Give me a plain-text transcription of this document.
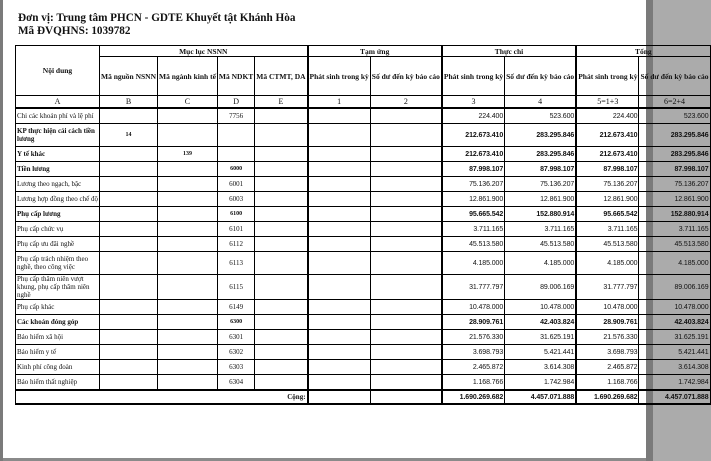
Đơn vị: Trung tâm PHCN - GDTE Khuyết tật Khánh Hòa
Mã ĐVQHNS: 1039782
Nội dung	Mục lục NSNN				Tạm ứng		Thực chi		Tổng	
	Mã nguồn NSNN	Mã ngành kinh tế	Mã NDKT	Mã CTMT, DA	Phát sinh trong kỳ	Số dư đến kỳ báo cáo	Phát sinh trong kỳ	Số dư đến kỳ báo cáo	Phát sinh trong kỳ	Số dư đến kỳ báo cáo
A	B	C	D	E	1	2	3	4	5=1+3	6=2+4
Chi các khoản phí và lệ phí			7756				224.400	523.600	224.400	523.600
KP thực hiện cải cách tiền lương	14						212.673.410	283.295.846	212.673.410	283.295.846
Y tế khác		139					212.673.410	283.295.846	212.673.410	283.295.846
Tiền lương			6000				87.998.107	87.998.107	87.998.107	87.998.107
Lương theo ngạch, bậc			6001				75.136.207	75.136.207	75.136.207	75.136.207
Lương hợp đồng theo chế độ			6003				12.861.900	12.861.900	12.861.900	12.861.900
Phụ cấp lương			6100				95.665.542	152.880.914	95.665.542	152.880.914
Phụ cấp chức vụ			6101				3.711.165	3.711.165	3.711.165	3.711.165
Phụ cấp ưu đãi nghề			6112				45.513.580	45.513.580	45.513.580	45.513.580
Phụ cấp trách nhiệm theo nghề, theo công việc			6113				4.185.000	4.185.000	4.185.000	4.185.000
Phụ cấp thâm niên vượt khung, phụ cấp thâm niên nghề			6115				31.777.797	89.006.169	31.777.797	89.006.169
Phụ cấp khác			6149				10.478.000	10.478.000	10.478.000	10.478.000
Các khoản đóng góp			6300				28.909.761	42.403.824	28.909.761	42.403.824
Bảo hiểm xã hội			6301				21.576.330	31.625.191	21.576.330	31.625.191
Bảo hiểm y tế			6302				3.698.793	5.421.441	3.698.793	5.421.441
Kinh phí công đoàn			6303				2.465.872	3.614.308	2.465.872	3.614.308
Bảo hiểm thất nghiệp			6304				1.168.766	1.742.984	1.168.766	1.742.984
Cộng:							1.690.269.682	4.457.071.888	1.690.269.682	4.457.071.888
